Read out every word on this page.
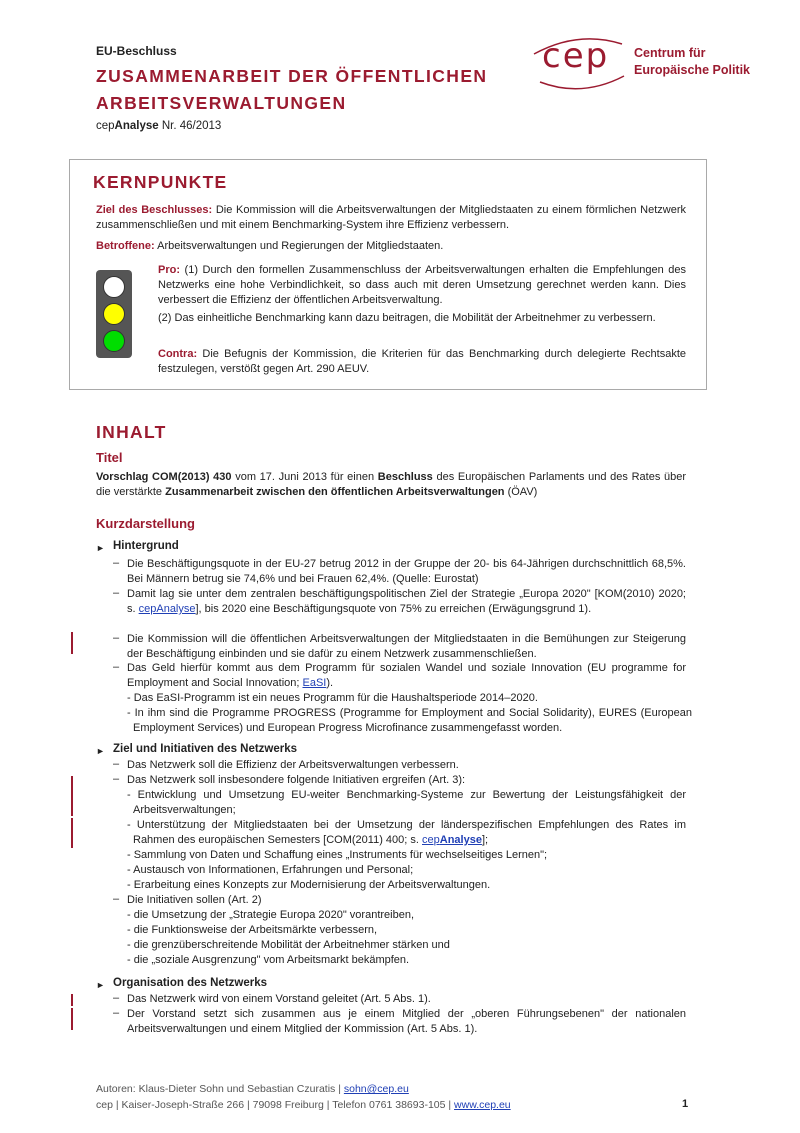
EU-Beschluss
ZUSAMMENARBEIT DER ÖFFENTLICHEN ARBEITSVERWALTUNGEN
cepAnalyse Nr. 46/2013
cep Centrum für
Europäische Politik
KERNPUNKTE
Ziel des Beschlusses: Die Kommission will die Arbeitsverwaltungen der Mitgliedstaaten zu einem förmlichen Netzwerk zusammenschließen und mit einem Benchmarking-System ihre Effizienz verbessern.
Betroffene: Arbeitsverwaltungen und Regierungen der Mitgliedstaaten.
Pro: (1) Durch den formellen Zusammenschluss der Arbeitsverwaltungen erhalten die Empfehlungen des Netzwerks eine hohe Verbindlichkeit, so dass auch mit deren Umsetzung gerechnet werden kann. Dies verbessert die Effizienz der öffentlichen Arbeitsverwaltung.
(2) Das einheitliche Benchmarking kann dazu beitragen, die Mobilität der Arbeitnehmer zu verbessern.
Contra: Die Befugnis der Kommission, die Kriterien für das Benchmarking durch delegierte Rechtsakte festzulegen, verstößt gegen Art. 290 AEUV.
INHALT
Titel
Vorschlag COM(2013) 430 vom 17. Juni 2013 für einen Beschluss des Europäischen Parlaments und des Rates über die verstärkte Zusammenarbeit zwischen den öffentlichen Arbeitsverwaltungen (ÖAV)
Kurzdarstellung
► Hintergrund
– Die Beschäftigungsquote in der EU-27 betrug 2012 in der Gruppe der 20- bis 64-Jährigen durchschnittlich 68,5%. Bei Männern betrug sie 74,6% und bei Frauen 62,4%. (Quelle: Eurostat)
– Damit lag sie unter dem zentralen beschäftigungspolitischen Ziel der Strategie „Europa 2020" [KOM(2010) 2020; s. cepAnalyse], bis 2020 eine Beschäftigungsquote von 75% zu erreichen (Erwägungsgrund 1).
– Die Kommission will die öffentlichen Arbeitsverwaltungen der Mitgliedstaaten in die Bemühungen zur Steigerung der Beschäftigung einbinden und sie dafür zu einem Netzwerk zusammenschließen.
– Das Geld hierfür kommt aus dem Programm für sozialen Wandel und soziale Innovation (EU programme for Employment and Social Innovation; EaSI).
- Das EaSI-Programm ist ein neues Programm für die Haushaltsperiode 2014–2020.
- In ihm sind die Programme PROGRESS (Programme for Employment and Social Solidarity), EURES (European Employment Services) und European Progress Microfinance zusammengefasst worden.
► Ziel und Initiativen des Netzwerks
– Das Netzwerk soll die Effizienz der Arbeitsverwaltungen verbessern.
– Das Netzwerk soll insbesondere folgende Initiativen ergreifen (Art. 3):
- Entwicklung und Umsetzung EU-weiter Benchmarking-Systeme zur Bewertung der Leistungsfähigkeit der Arbeitsverwaltungen;
- Unterstützung der Mitgliedstaaten bei der Umsetzung der länderspezifischen Empfehlungen des Rates im Rahmen des europäischen Semesters [COM(2011) 400; s. cepAnalyse];
- Sammlung von Daten und Schaffung eines „Instruments für wechselseitiges Lernen";
- Austausch von Informationen, Erfahrungen und Personal;
- Erarbeitung eines Konzepts zur Modernisierung der Arbeitsverwaltungen.
– Die Initiativen sollen (Art. 2)
- die Umsetzung der „Strategie Europa 2020" vorantreiben,
- die Funktionsweise der Arbeitsmärkte verbessern,
- die grenzüberschreitende Mobilität der Arbeitnehmer stärken und
- die „soziale Ausgrenzung" vom Arbeitsmarkt bekämpfen.
► Organisation des Netzwerks
– Das Netzwerk wird von einem Vorstand geleitet (Art. 5 Abs. 1).
– Der Vorstand setzt sich zusammen aus je einem Mitglied der „oberen Führungsebenen" der nationalen Arbeitsverwaltungen und einem Mitglied der Kommission (Art. 5 Abs. 1).
Autoren: Klaus-Dieter Sohn und Sebastian Czuratis | sohn@cep.eu
cep | Kaiser-Joseph-Straße 266 | 79098 Freiburg | Telefon 0761 38693-105 | www.cep.eu	1
